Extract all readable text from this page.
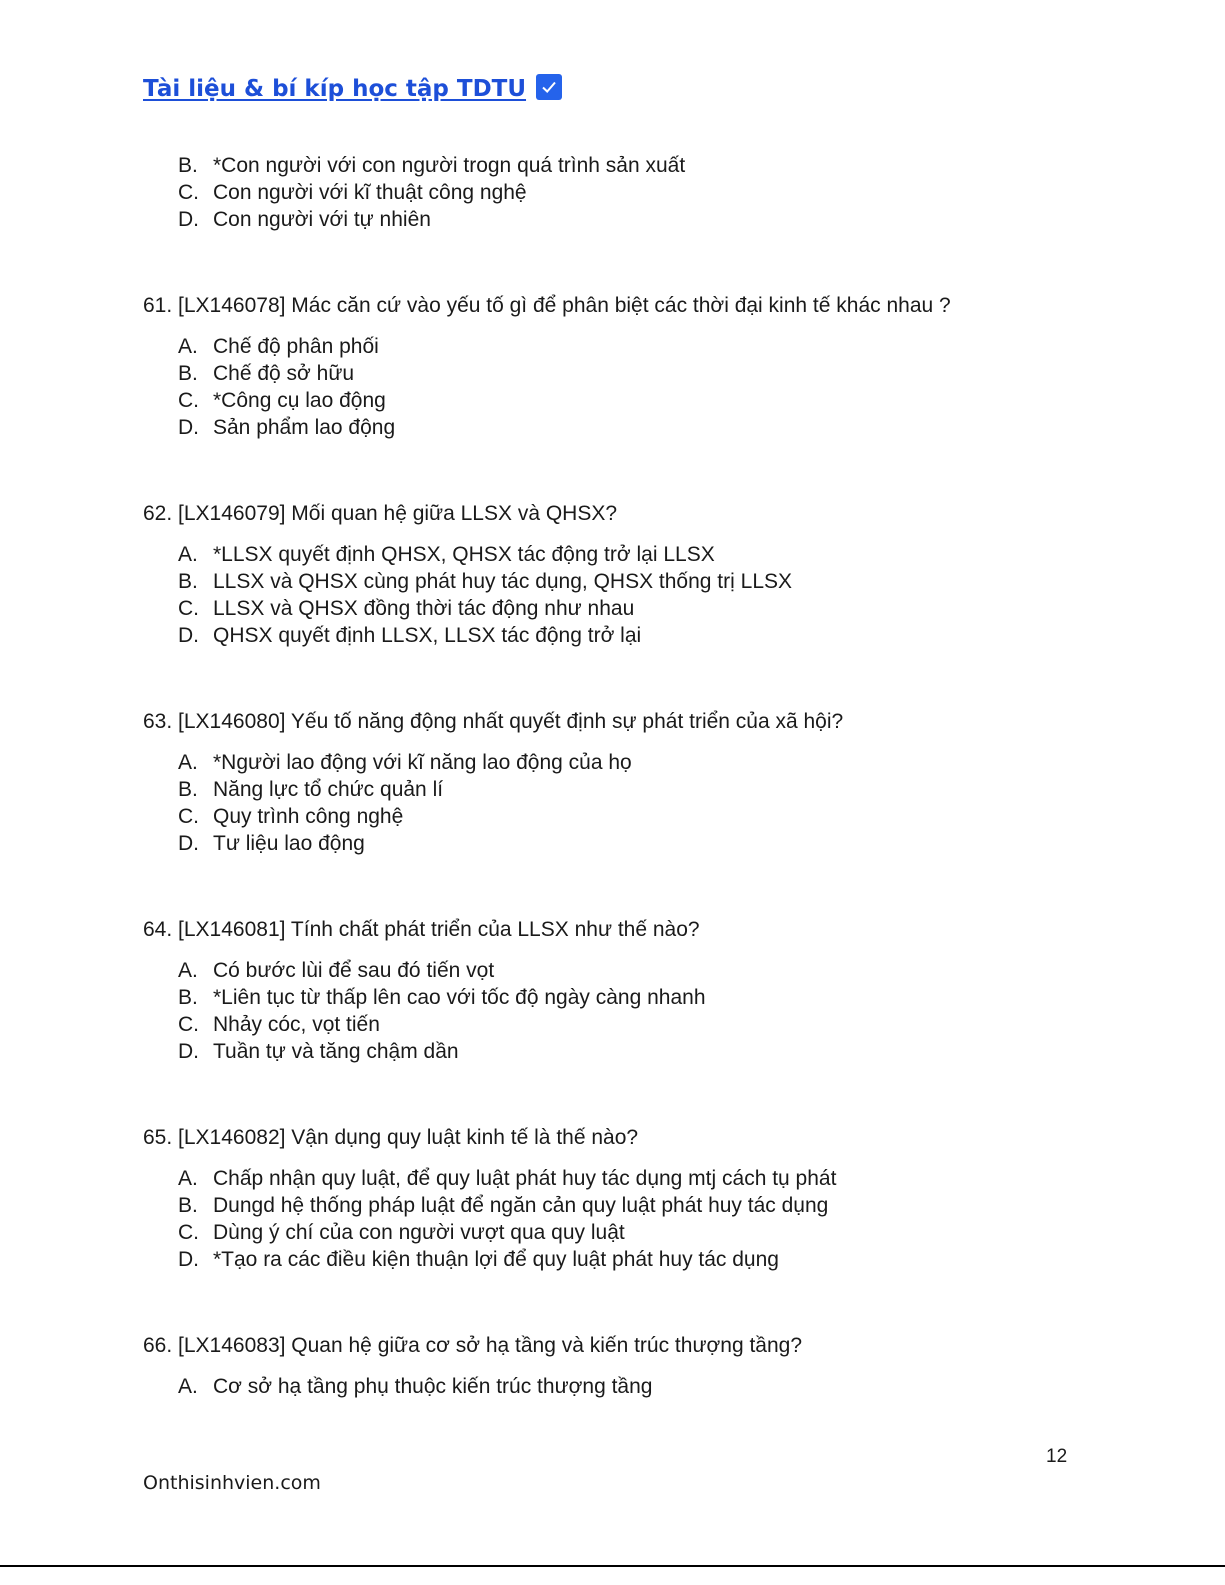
Tài liệu & bí kíp học tập TDTU
B. *Con người với con người trogn quá trình sản xuất
C. Con người với kĩ thuật công nghệ
D. Con người với tự nhiên
61. [LX146078] Mác căn cứ vào yếu tố gì để phân biệt các thời đại kinh tế khác nhau ?
A. Chế độ phân phối
B. Chế độ sở hữu
C. *Công cụ lao động
D. Sản phẩm lao động
62. [LX146079] Mối quan hệ giữa LLSX và QHSX?
A. *LLSX quyết định QHSX, QHSX tác động trở lại LLSX
B. LLSX và QHSX cùng phát huy tác dụng, QHSX thống trị LLSX
C. LLSX và QHSX đồng thời tác động như nhau
D. QHSX quyết định LLSX, LLSX tác động trở lại
63. [LX146080] Yếu tố năng động nhất quyết định sự phát triển của xã hội?
A. *Người lao động với kĩ năng lao động của họ
B. Năng lực tổ chức quản lí
C. Quy trình công nghệ
D. Tư liệu lao động
64. [LX146081] Tính chất phát triển của LLSX như thế nào?
A. Có bước lùi để sau đó tiến vọt
B. *Liên tục từ thấp lên cao với tốc độ ngày càng nhanh
C. Nhảy cóc, vọt tiến
D. Tuần tự và tăng chậm dần
65. [LX146082] Vận dụng quy luật kinh tế là thế nào?
A. Chấp nhận quy luật, để quy luật phát huy tác dụng mtj cách tụ phát
B. Dungd hệ thống pháp luật để ngăn cản quy luật phát huy tác dụng
C. Dùng ý chí của con người vượt qua quy luật
D. *Tạo ra các điều kiện thuận lợi để quy luật phát huy tác dụng
66. [LX146083] Quan hệ giữa cơ sở hạ tầng và kiến trúc thượng tầng?
A. Cơ sở hạ tầng phụ thuộc kiến trúc thượng tầng
12
Onthisinhvien.com
